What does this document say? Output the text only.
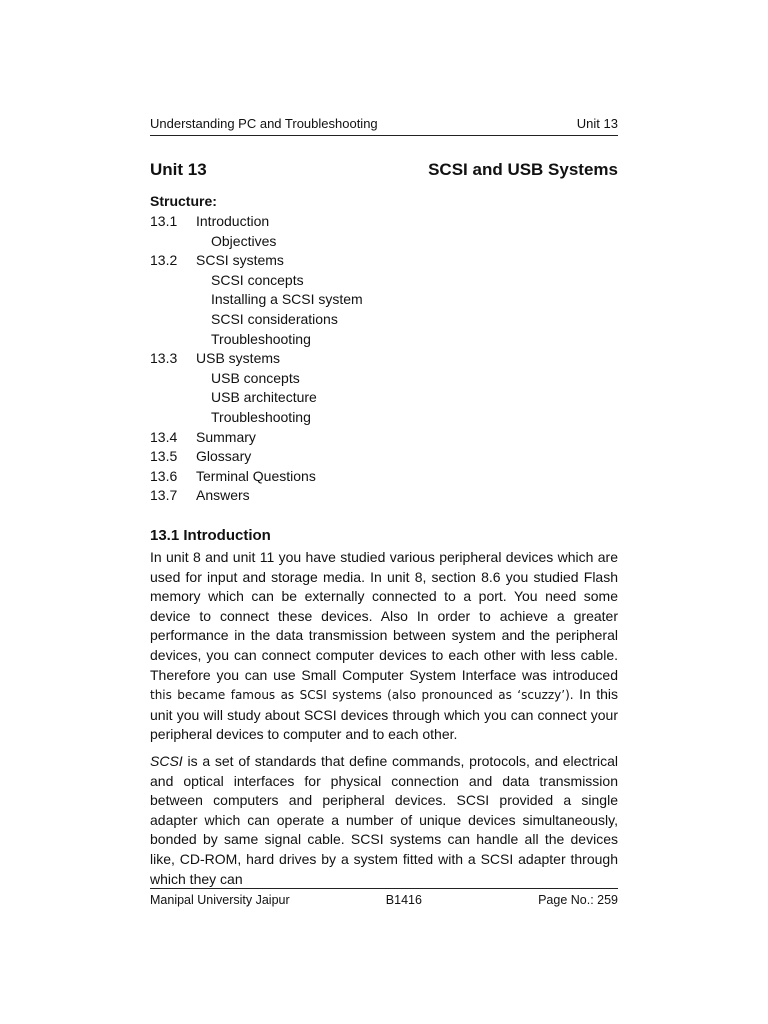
Understanding PC and Troubleshooting	Unit 13
Unit 13	SCSI and USB Systems
Structure:
13.1 Introduction
Objectives
13.2 SCSI systems
SCSI concepts
Installing a SCSI system
SCSI considerations
Troubleshooting
13.3 USB systems
USB concepts
USB architecture
Troubleshooting
13.4 Summary
13.5 Glossary
13.6 Terminal Questions
13.7 Answers
13.1 Introduction

In unit 8 and unit 11 you have studied various peripheral devices which are used for input and storage media. In unit 8, section 8.6 you studied Flash memory which can be externally connected to a port. You need some device to connect these devices. Also In order to achieve a greater performance in the data transmission between system and the peripheral devices, you can connect computer devices to each other with less cable. Therefore you can use Small Computer System Interface was introduced this became famous as SCSI systems (also pronounced as ‘scuzzy’). In this unit you will study about SCSI devices through which you can connect your peripheral devices to computer and to each other.

SCSI is a set of standards that define commands, protocols, and electrical and optical interfaces for physical connection and data transmission between computers and peripheral devices. SCSI provided a single adapter which can operate a number of unique devices simultaneously, bonded by same signal cable. SCSI systems can handle all the devices like, CD-ROM, hard drives by a system fitted with a SCSI adapter through which they can

Manipal University Jaipur	B1416	Page No.: 259
